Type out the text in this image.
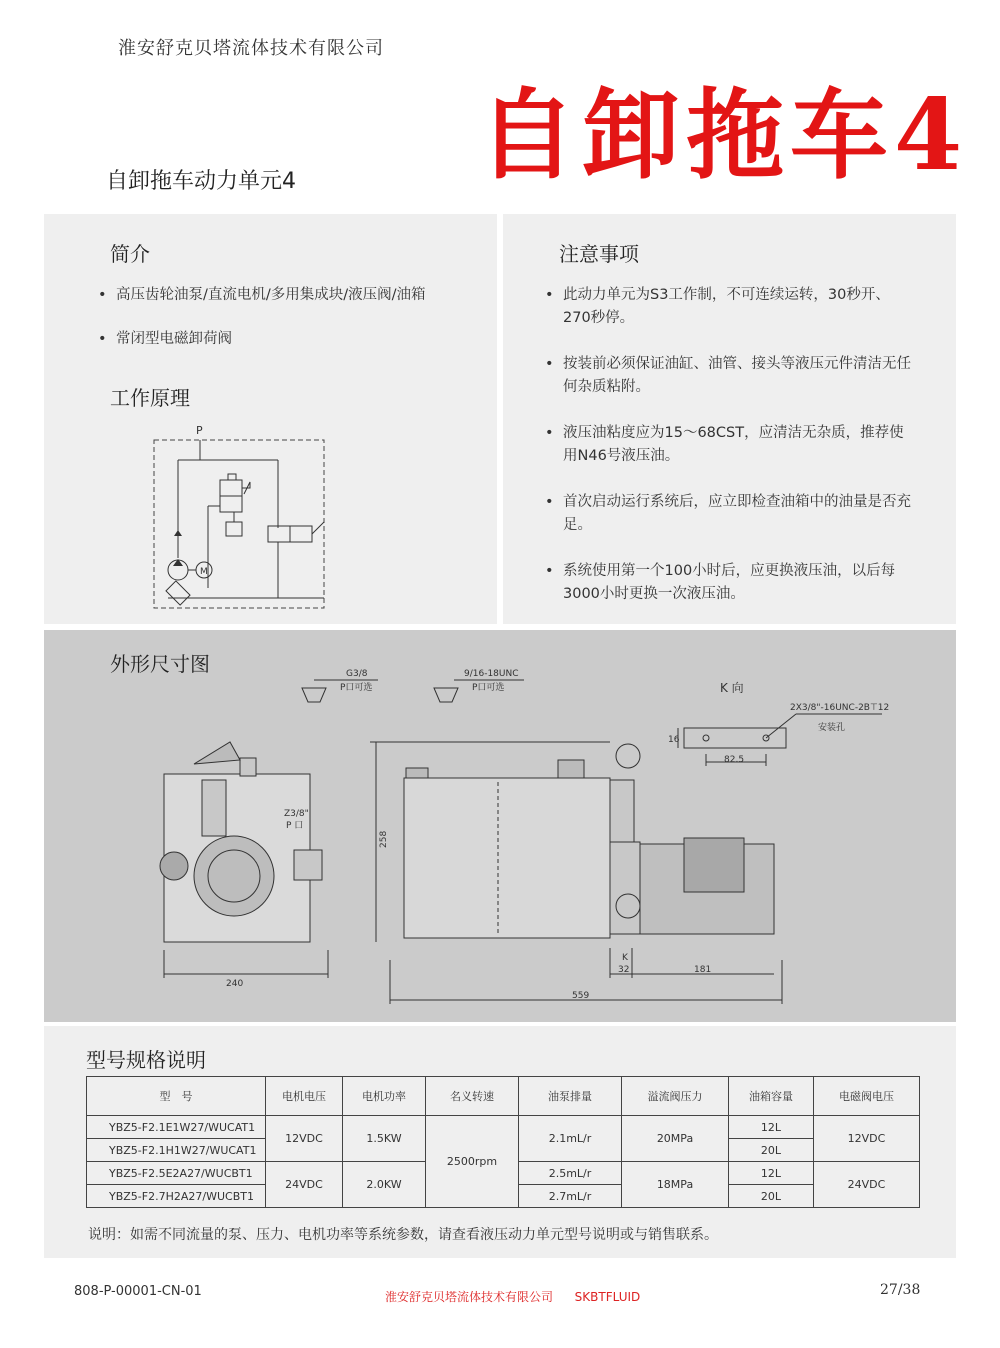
淮安舒克贝塔流体技术有限公司
自卸拖车4
自卸拖车动力单元4
简介
• 高压齿轮油泵/直流电机/多用集成块/液压阀/油箱
• 常闭型电磁卸荷阀
工作原理
P
M
注意事项
• 此动力单元为S3工作制，不可连续运转，30秒开、270秒停。
• 按装前必须保证油缸、油管、接头等液压元件清洁无任何杂质粘附。
• 液压油粘度应为15～68CST，应清洁无杂质，推荐使用N46号液压油。
• 首次启动运行系统后，应立即检查油箱中的油量是否充足。
• 系统使用第一个100小时后，应更换液压油，以后每3000小时更换一次液压油。
外形尺寸图	G3/8
P口可选
9/16-18UNC
P口可选	K 向
2X3/8"-16UNC-2B⊤12
安装孔
16
82.5
Z3/8"
P 口
258
240
559
32	181
K
型号规格说明
型　号	电机电压	电机功率	名义转速	油泵排量	溢流阀压力	油箱容量	电磁阀电压
YBZ5-F2.1E1W27/WUCAT1	12VDC	1.5KW	2500rpm	2.1mL/r	20MPa	12L	12VDC
YBZ5-F2.1H1W27/WUCAT1						20L	
YBZ5-F2.5E2A27/WUCBT1	24VDC	2.0KW		2.5mL/r	18MPa	12L	24VDC
YBZ5-F2.7H2A27/WUCBT1				2.7mL/r		20L	
说明：如需不同流量的泵、压力、电机功率等系统参数，请查看液压动力单元型号说明或与销售联系。
808-P-00001-CN-01	淮安舒克贝塔流体技术有限公司 SKBTFLUID	27/38
